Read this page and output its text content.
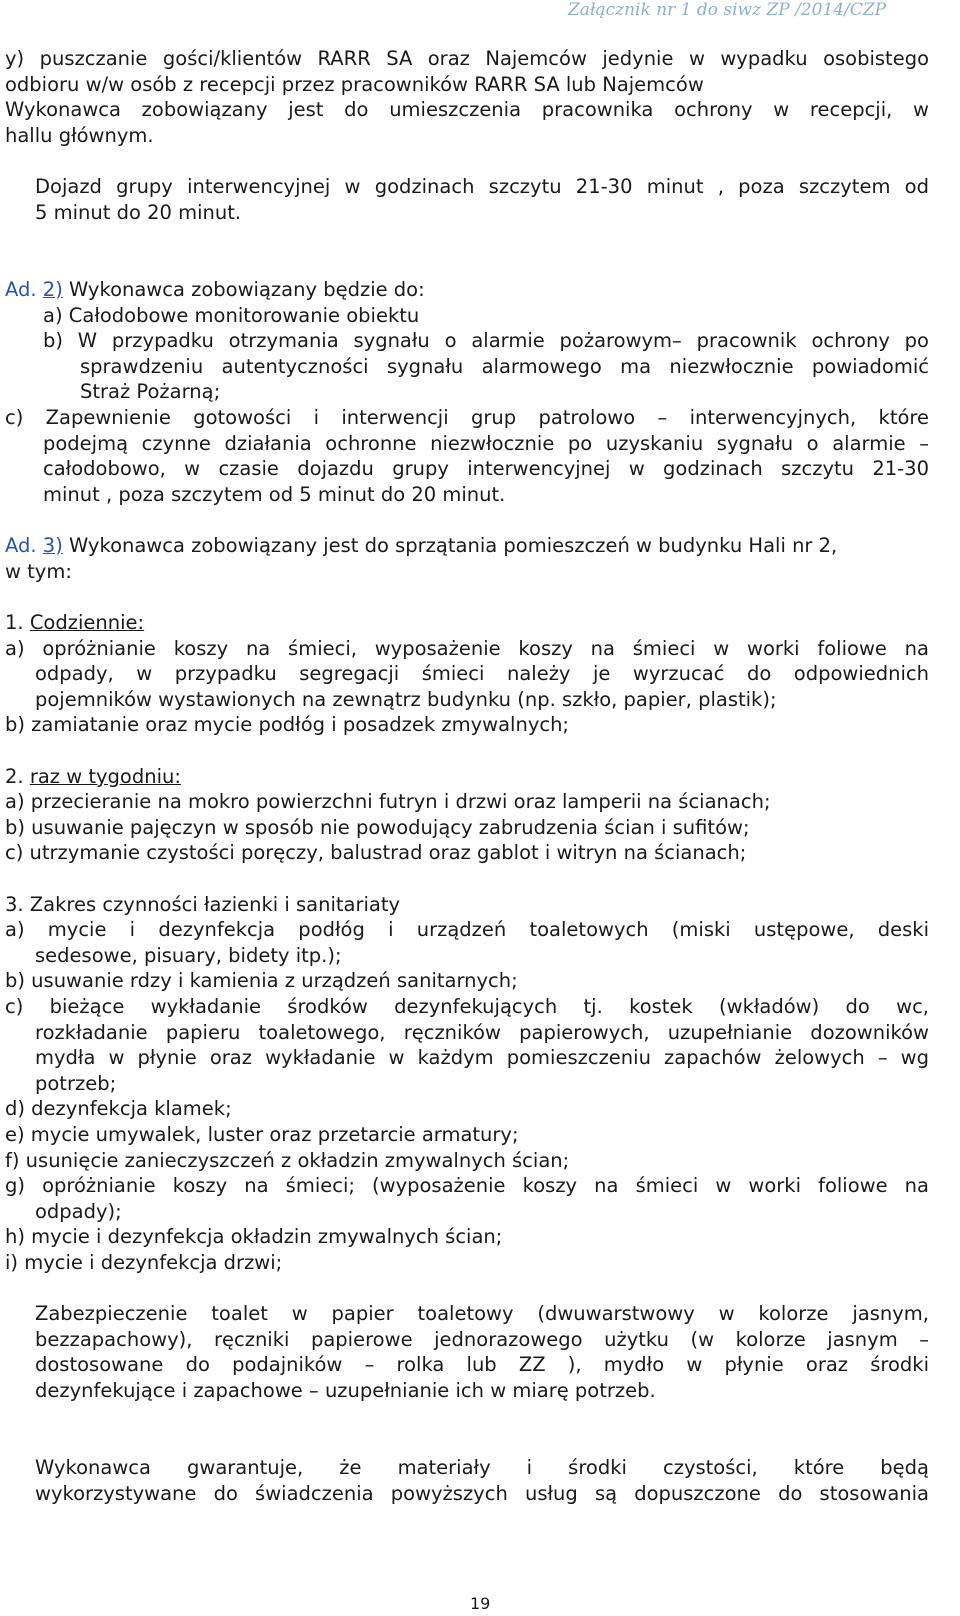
Załącznik nr 1 do siwz ZP /2014/CZP
y) puszczanie gości/klientów RARR SA oraz Najemców jedynie w wypadku osobistego
odbioru w/w osób z recepcji przez pracowników RARR SA lub Najemców
Wykonawca zobowiązany jest do umieszczenia pracownika ochrony w recepcji, w
hallu głównym.
Dojazd grupy interwencyjnej w godzinach szczytu 21-30 minut , poza szczytem od
5 minut do 20 minut.
Ad. 2) Wykonawca zobowiązany będzie do:
a) Całodobowe monitorowanie obiektu
b) W przypadku otrzymania sygnału o alarmie pożarowym– pracownik ochrony po
sprawdzeniu autentyczności sygnału alarmowego ma niezwłocznie powiadomić
Straż Pożarną;
c) Zapewnienie gotowości i interwencji grup patrolowo – interwencyjnych, które
podejmą czynne działania ochronne niezwłocznie po uzyskaniu sygnału o alarmie –
całodobowo, w czasie dojazdu grupy interwencyjnej w godzinach szczytu 21-30
minut , poza szczytem od 5 minut do 20 minut.
Ad. 3) Wykonawca zobowiązany jest do sprzątania pomieszczeń w budynku Hali nr 2,
w tym:
1. Codziennie:
a) opróżnianie koszy na śmieci, wyposażenie koszy na śmieci w worki foliowe na
odpady, w przypadku segregacji śmieci należy je wyrzucać do odpowiednich
pojemników wystawionych na zewnątrz budynku (np. szkło, papier, plastik);
b) zamiatanie oraz mycie podłóg i posadzek zmywalnych;
2. raz w tygodniu:
a) przecieranie na mokro powierzchni futryn i drzwi oraz lamperii na ścianach;
b) usuwanie pajęczyn w sposób nie powodujący zabrudzenia ścian i sufitów;
c) utrzymanie czystości poręczy, balustrad oraz gablot i witryn na ścianach;
3. Zakres czynności łazienki i sanitariaty
a) mycie i dezynfekcja podłóg i urządzeń toaletowych (miski ustępowe, deski
sedesowe, pisuary, bidety itp.);
b) usuwanie rdzy i kamienia z urządzeń sanitarnych;
c) bieżące wykładanie środków dezynfekujących tj. kostek (wkładów) do wc,
rozkładanie papieru toaletowego, ręczników papierowych, uzupełnianie dozowników
mydła w płynie oraz wykładanie w każdym pomieszczeniu zapachów żelowych – wg
potrzeb;
d) dezynfekcja klamek;
e) mycie umywalek, luster oraz przetarcie armatury;
f) usunięcie zanieczyszczeń z okładzin zmywalnych ścian;
g) opróżnianie koszy na śmieci; (wyposażenie koszy na śmieci w worki foliowe na
odpady);
h) mycie i dezynfekcja okładzin zmywalnych ścian;
i) mycie i dezynfekcja drzwi;
Zabezpieczenie toalet w papier toaletowy (dwuwarstwowy w kolorze jasnym,
bezzapachowy), ręczniki papierowe jednorazowego użytku (w kolorze jasnym –
dostosowane do podajników – rolka lub ZZ ), mydło w płynie oraz środki
dezynfekujące i zapachowe – uzupełnianie ich w miarę potrzeb.
Wykonawca gwarantuje, że materiały i środki czystości, które będą
wykorzystywane do świadczenia powyższych usług są dopuszczone do stosowania
19
